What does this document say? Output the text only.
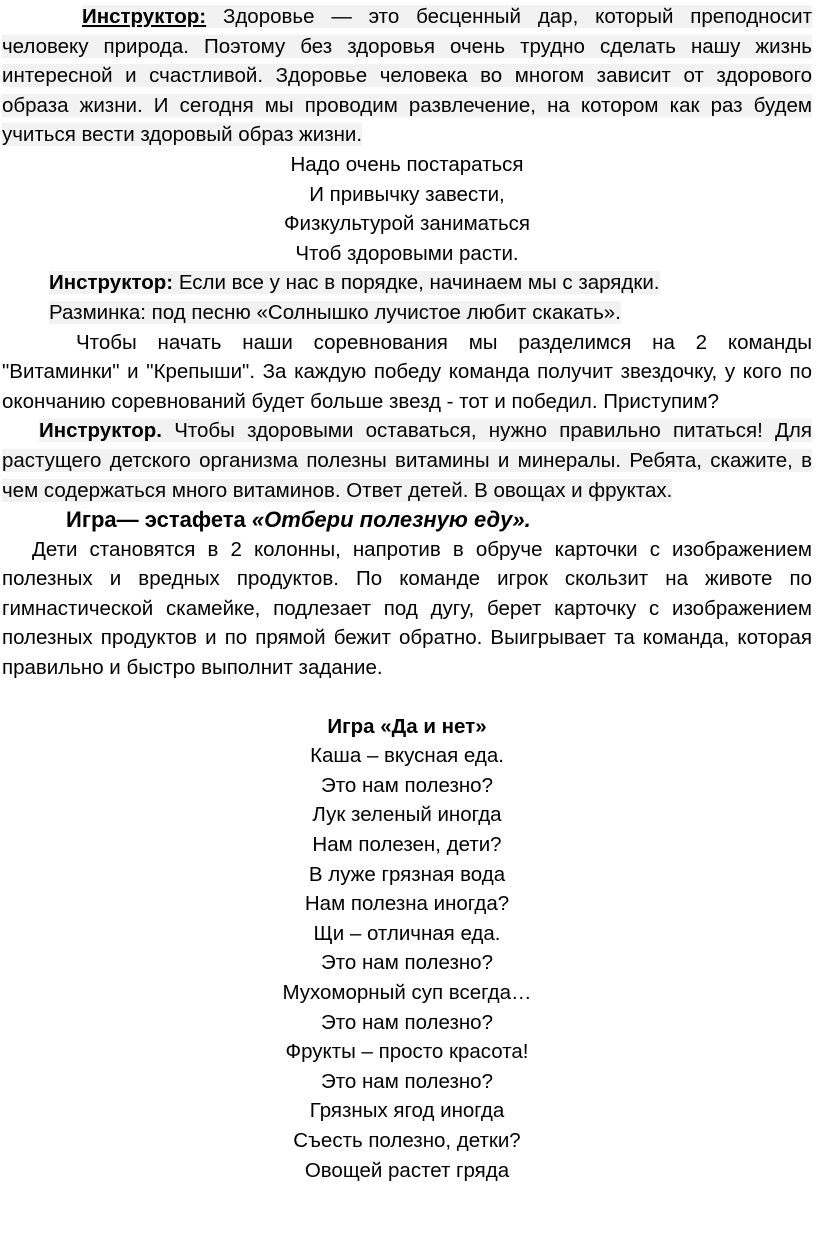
Инструктор: Здоровье — это бесценный дар, который преподносит человеку природа. Поэтому без здоровья очень трудно сделать нашу жизнь интересной и счастливой. Здоровье человека во многом зависит от здорового образа жизни. И сегодня мы проводим развлечение, на котором как раз будем учиться вести здоровый образ жизни.

Надо очень постараться

И привычку завести,

Физкультурой заниматься

Чтоб здоровыми расти.

Инструктор: Если все у нас в порядке, начинаем мы с зарядки.

Разминка: под песню «Солнышко лучистое любит скакать».

Чтобы начать наши соревнования мы разделимся на 2 команды "Витаминки" и "Крепыши". За каждую победу команда получит звездочку, у кого по окончанию соревнований будет больше звезд - тот и победил. Приступим?

Инструктор. Чтобы здоровыми оставаться, нужно правильно питаться! Для растущего детского организма полезны витамины и минералы. Ребята, скажите, в чем содержаться много витаминов. Ответ детей. В овощах и фруктах.

Игра— эстафета «Отбери полезную еду».

Дети становятся в 2 колонны, напротив в обруче карточки с изображением полезных и вредных продуктов. По команде игрок скользит на животе по гимнастической скамейке, подлезает под дугу, берет карточку с изображением полезных продуктов и по прямой бежит обратно. Выигрывает та команда, которая правильно и быстро выполнит задание.

Игра «Да и нет»

Каша – вкусная еда.

Это нам полезно?

Лук зеленый иногда

Нам полезен, дети?

В луже грязная вода

Нам полезна иногда?

Щи – отличная еда.

Это нам полезно?

Мухоморный суп всегда…

Это нам полезно?

Фрукты – просто красота!

Это нам полезно?

Грязных ягод иногда

Съесть полезно, детки?

Овощей растет гряда
